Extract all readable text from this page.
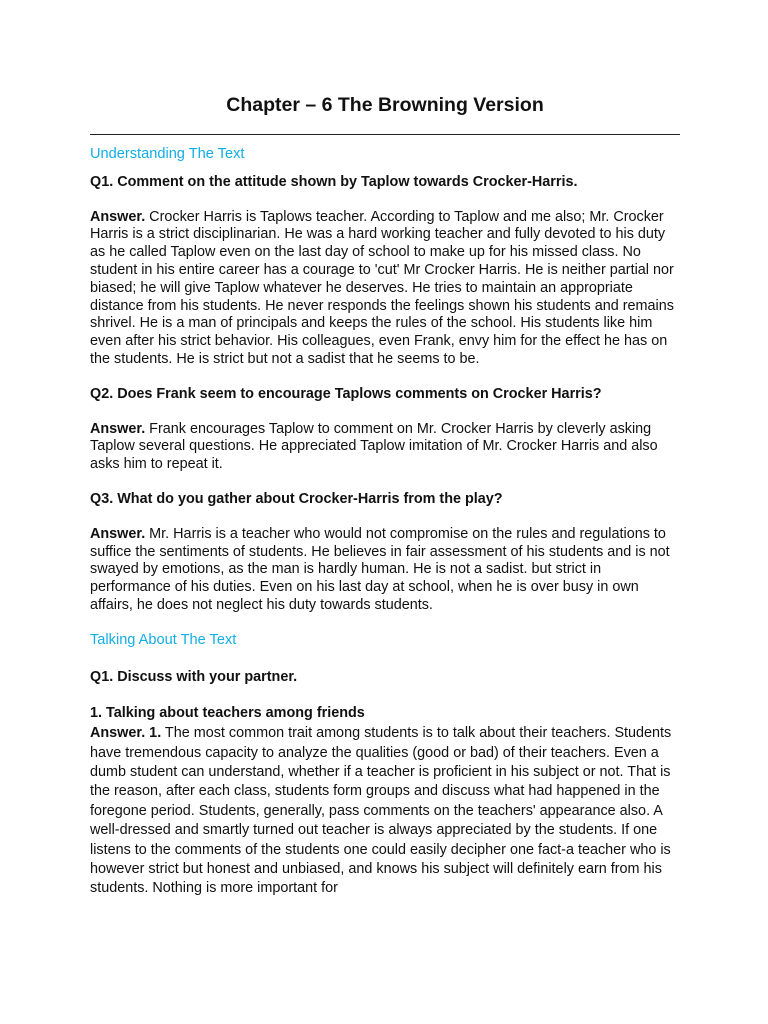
Chapter – 6 The Browning Version
Understanding The Text
Q1. Comment on the attitude shown by Taplow towards Crocker-Harris.
Answer. Crocker Harris is Taplows teacher. According to Taplow and me also; Mr. Crocker Harris is a strict disciplinarian. He was a hard working teacher and fully devoted to his duty as he called Taplow even on the last day of school to make up for his missed class. No student in his entire career has a courage to 'cut' Mr Crocker Harris. He is neither partial nor biased; he will give Taplow whatever he deserves. He tries to maintain an appropriate distance from his students. He never responds the feelings shown his students and remains shrivel. He is a man of principals and keeps the rules of the school. His students like him even after his strict behavior. His colleagues, even Frank, envy him for the effect he has on the students. He is strict but not a sadist that he seems to be.
Q2. Does Frank seem to encourage Taplows comments on Crocker Harris?
Answer. Frank encourages Taplow to comment on Mr. Crocker Harris by cleverly asking Taplow several questions. He appreciated Taplow imitation of Mr. Crocker Harris and also asks him to repeat it.
Q3. What do you gather about Crocker-Harris from the play?
Answer. Mr. Harris is a teacher who would not compromise on the rules and regulations to suffice the sentiments of students. He believes in fair assessment of his students and is not swayed by emotions, as the man is hardly human. He is not a sadist. but strict in performance of his duties. Even on his last day at school, when he is over busy in own affairs, he does not neglect his duty towards students.
Talking About The Text
Q1. Discuss with your partner.
1. Talking about teachers among friends
Answer. 1. The most common trait among students is to talk about their teachers. Students have tremendous capacity to analyze the qualities (good or bad) of their teachers. Even a dumb student can understand, whether if a teacher is proficient in his subject or not. That is the reason, after each class, students form groups and discuss what had happened in the foregone period. Students, generally, pass comments on the teachers' appearance also. A well-dressed and smartly turned out teacher is always appreciated by the students. If one listens to the comments of the students one could easily decipher one fact-a teacher who is however strict but honest and unbiased, and knows his subject will definitely earn from his students. Nothing is more important for
